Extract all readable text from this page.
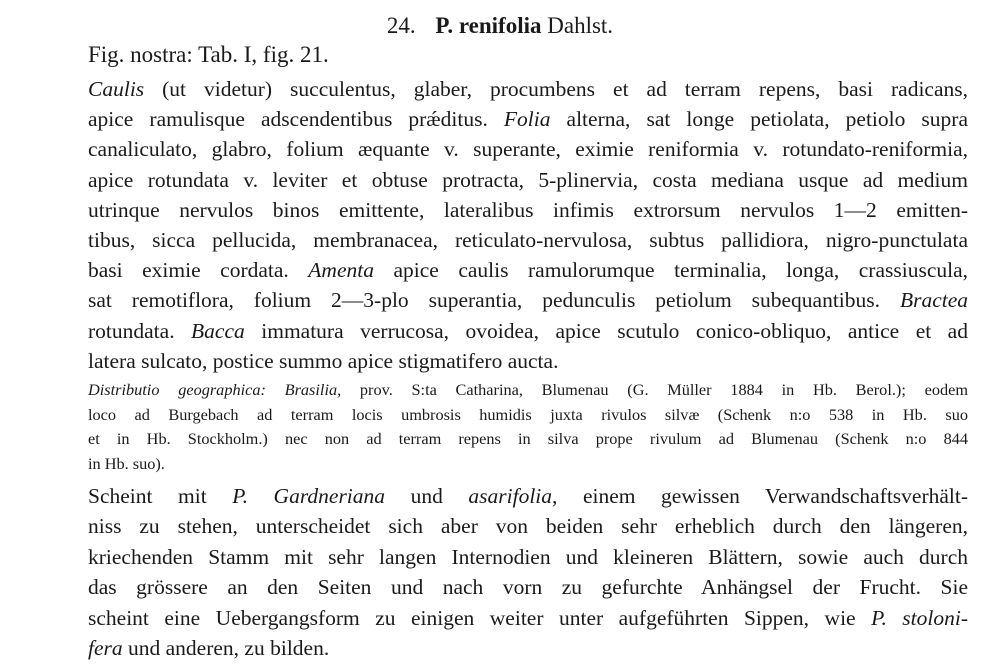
24. P. renifolia Dahlst.
Fig. nostra: Tab. I, fig. 21.
Caulis (ut videtur) succulentus, glaber, procumbens et ad terram repens, basi radicans,
apice ramulisque adscendentibus prǽditus. Folia alterna, sat longe petiolata, petiolo supra
canaliculato, glabro, folium æquante v. superante, eximie reniformia v. rotundato-reniformia,
apice rotundata v. leviter et obtuse protracta, 5-plinervia, costa mediana usque ad medium
utrinque nervulos binos emittente, lateralibus infimis extrorsum nervulos 1—2 emitten-
tibus, sicca pellucida, membranacea, reticulato-nervulosa, subtus pallidiora, nigro-punctulata
basi eximie cordata. Amenta apice caulis ramulorumque terminalia, longa, crassiuscula,
sat remotiflora, folium 2—3-plo superantia, pedunculis petiolum subequantibus. Bractea
rotundata. Bacca immatura verrucosa, ovoidea, apice scutulo conico-obliquo, antice et ad
latera sulcato, postice summo apice stigmatifero aucta.
Distributio geographica: Brasilia, prov. S:ta Catharina, Blumenau (G. Müller 1884 in Hb. Berol.); eodem
loco ad Burgebach ad terram locis umbrosis humidis juxta rivulos silvæ (Schenk n:o 538 in Hb. suo
et in Hb. Stockholm.) nec non ad terram repens in silva prope rivulum ad Blumenau (Schenk n:o 844
in Hb. suo).
Scheint mit P. Gardneriana und asarifolia, einem gewissen Verwandschaftsverhält-
niss zu stehen, unterscheidet sich aber von beiden sehr erheblich durch den längeren,
kriechenden Stamm mit sehr langen Internodien und kleineren Blättern, sowie auch durch
das grössere an den Seiten und nach vorn zu gefurchte Anhängsel der Frucht. Sie
scheint eine Uebergangsform zu einigen weiter unter aufgeführten Sippen, wie P. stoloni-
fera und anderen, zu bilden.
